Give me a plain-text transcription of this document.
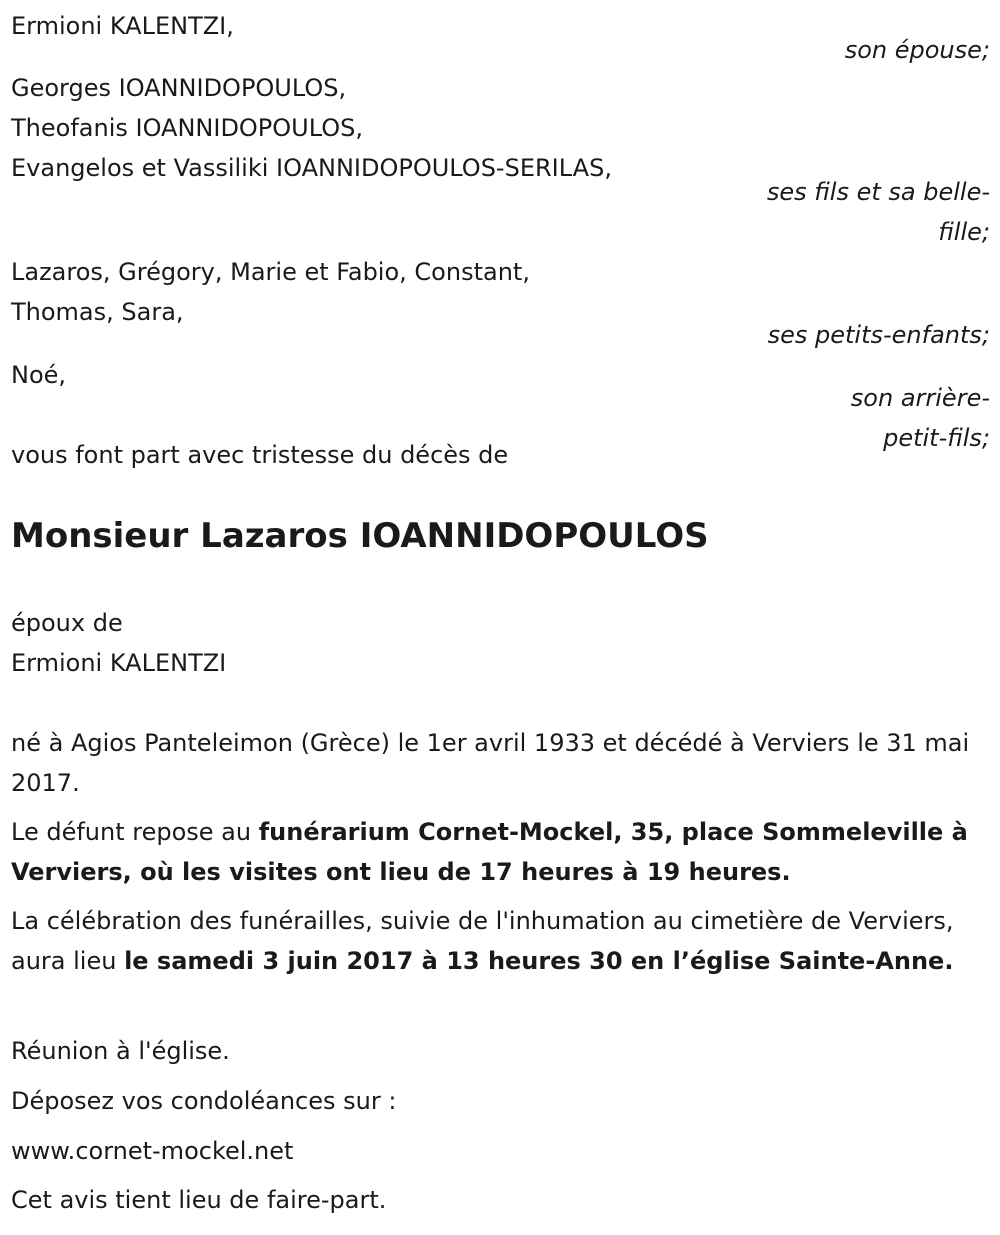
Ermioni KALENTZI,
son épouse;
Georges IOANNIDOPOULOS,
Theofanis IOANNIDOPOULOS,
Evangelos et Vassiliki IOANNIDOPOULOS-SERILAS,
ses fils et sa belle-
fille;
Lazaros, Grégory, Marie et Fabio, Constant,
Thomas, Sara,
ses petits-enfants;
Noé,
son arrière-
petit-fils;
vous font part avec tristesse du décès de
Monsieur Lazaros IOANNIDOPOULOS
époux de
Ermioni KALENTZI
né à Agios Panteleimon (Grèce) le 1er avril 1933 et décédé à Verviers le 31 mai 2017.
Le défunt repose au funérarium Cornet-Mockel, 35, place Sommeleville à Verviers, où les visites ont lieu de 17 heures à 19 heures.
La célébration des funérailles, suivie de l'inhumation au cimetière de Verviers, aura lieu le samedi 3 juin 2017 à 13 heures 30 en l’église Sainte-Anne.
Réunion à l'église.
Déposez vos condoléances sur :
www.cornet-mockel.net
Cet avis tient lieu de faire-part.
